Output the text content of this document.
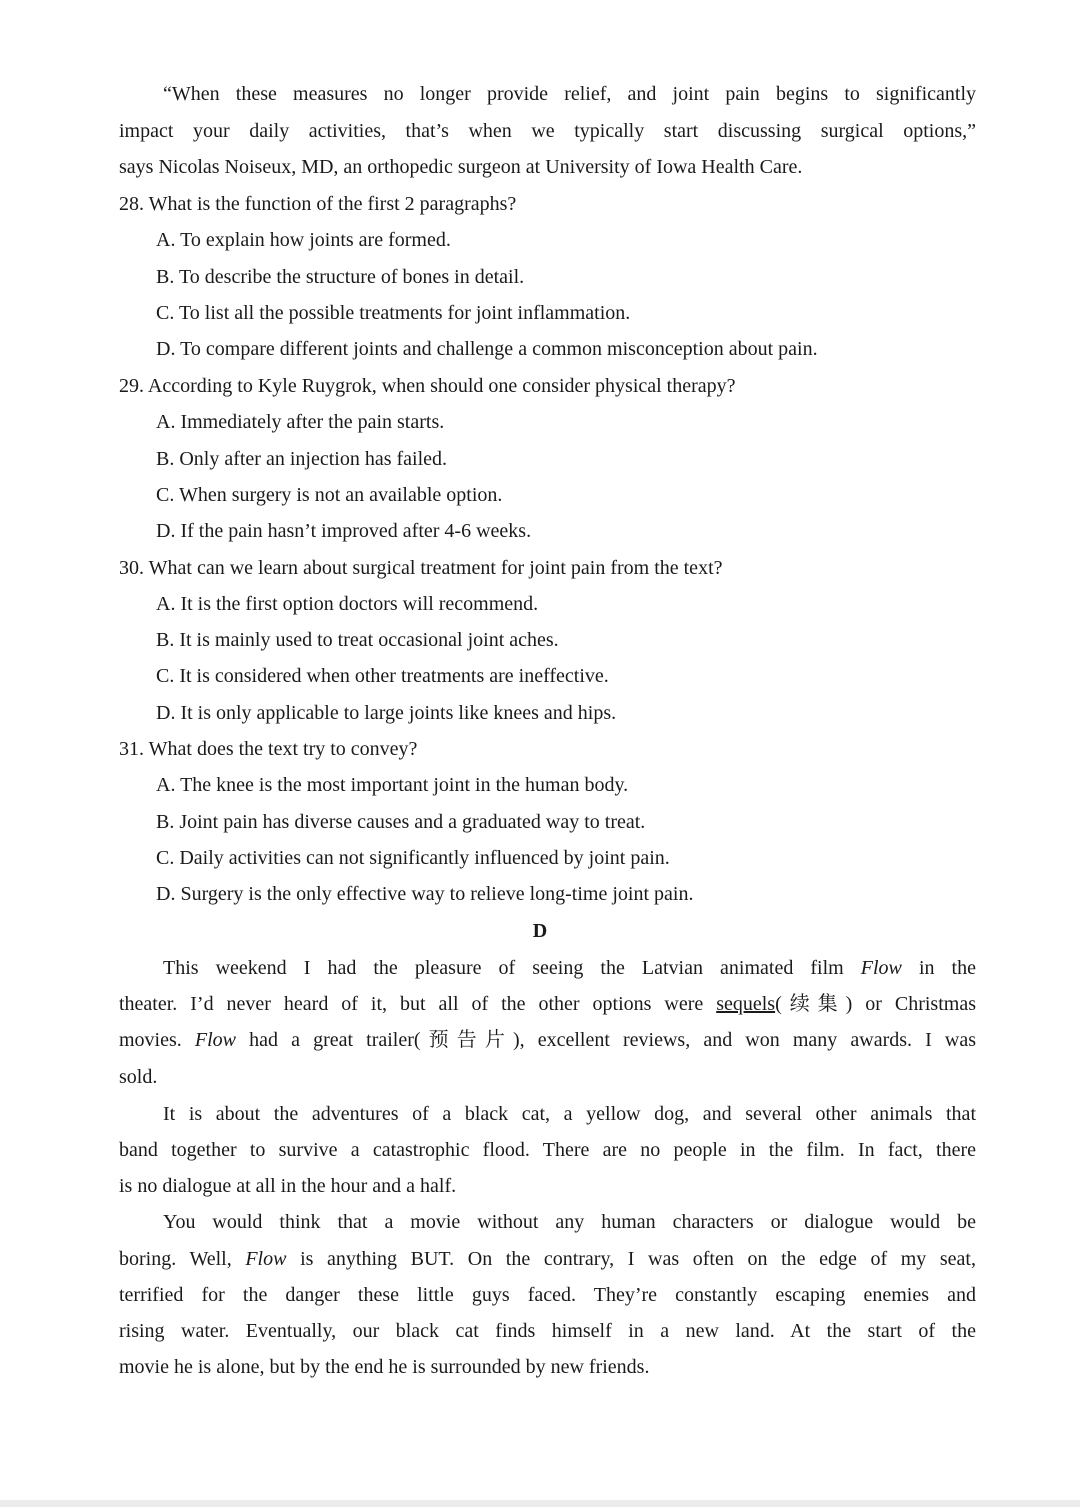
“When these measures no longer provide relief, and joint pain begins to significantly
impact your daily activities, that’s when we typically start discussing surgical options,”
says Nicolas Noiseux, MD, an orthopedic surgeon at University of Iowa Health Care.
28. What is the function of the first 2 paragraphs?
A. To explain how joints are formed.
B. To describe the structure of bones in detail.
C. To list all the possible treatments for joint inflammation.
D. To compare different joints and challenge a common misconception about pain.
29. According to Kyle Ruygrok, when should one consider physical therapy?
A. Immediately after the pain starts.
B. Only after an injection has failed.
C. When surgery is not an available option.
D. If the pain hasn’t improved after 4-6 weeks.
30. What can we learn about surgical treatment for joint pain from the text?
A. It is the first option doctors will recommend.
B. It is mainly used to treat occasional joint aches.
C. It is considered when other treatments are ineffective.
D. It is only applicable to large joints like knees and hips.
31. What does the text try to convey?
A. The knee is the most important joint in the human body.
B. Joint pain has diverse causes and a graduated way to treat.
C. Daily activities can not significantly influenced by joint pain.
D. Surgery is the only effective way to relieve long-time joint pain.
D
This weekend I had the pleasure of seeing the Latvian animated film Flow in the
theater. I’d never heard of it, but all of the other options were sequels(续集) or Christmas
movies. Flow had a great trailer(预告片), excellent reviews, and won many awards. I was
sold.
It is about the adventures of a black cat, a yellow dog, and several other animals that
band together to survive a catastrophic flood. There are no people in the film. In fact, there
is no dialogue at all in the hour and a half.
You would think that a movie without any human characters or dialogue would be
boring. Well, Flow is anything BUT. On the contrary, I was often on the edge of my seat,
terrified for the danger these little guys faced. They’re constantly escaping enemies and
rising water. Eventually, our black cat finds himself in a new land. At the start of the
movie he is alone, but by the end he is surrounded by new friends.
